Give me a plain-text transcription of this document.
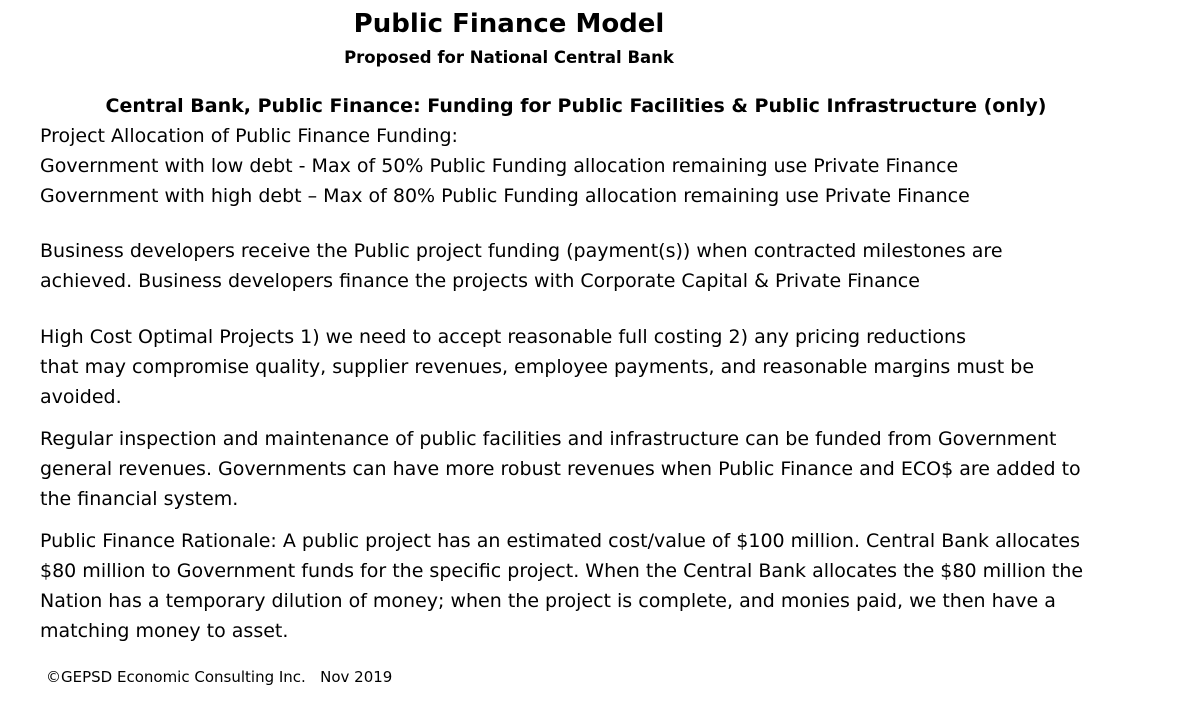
Public Finance Model
Proposed for National Central Bank
Central Bank, Public Finance: Funding for Public Facilities & Public Infrastructure (only)
Project Allocation of Public Finance Funding:
Government with low debt - Max of 50% Public Funding allocation remaining use Private Finance
Government with high debt – Max of 80% Public Funding allocation remaining use Private Finance
Business developers receive the Public project funding (payment(s)) when contracted milestones are
achieved. Business developers finance the projects with Corporate Capital & Private Finance
High Cost Optimal Projects 1) we need to accept reasonable full costing 2) any pricing reductions
that may compromise quality, supplier revenues, employee payments, and reasonable margins must be
avoided.
Regular inspection and maintenance of public facilities and infrastructure can be funded from Government
general revenues. Governments can have more robust revenues when Public Finance and ECO$ are added to
the financial system.
Public Finance Rationale: A public project has an estimated cost/value of $100 million. Central Bank allocates
$80 million to Government funds for the specific project. When the Central Bank allocates the $80 million the
Nation has a temporary dilution of money; when the project is complete, and monies paid, we then have a
matching money to asset.
©GEPSD Economic Consulting Inc.   Nov 2019
